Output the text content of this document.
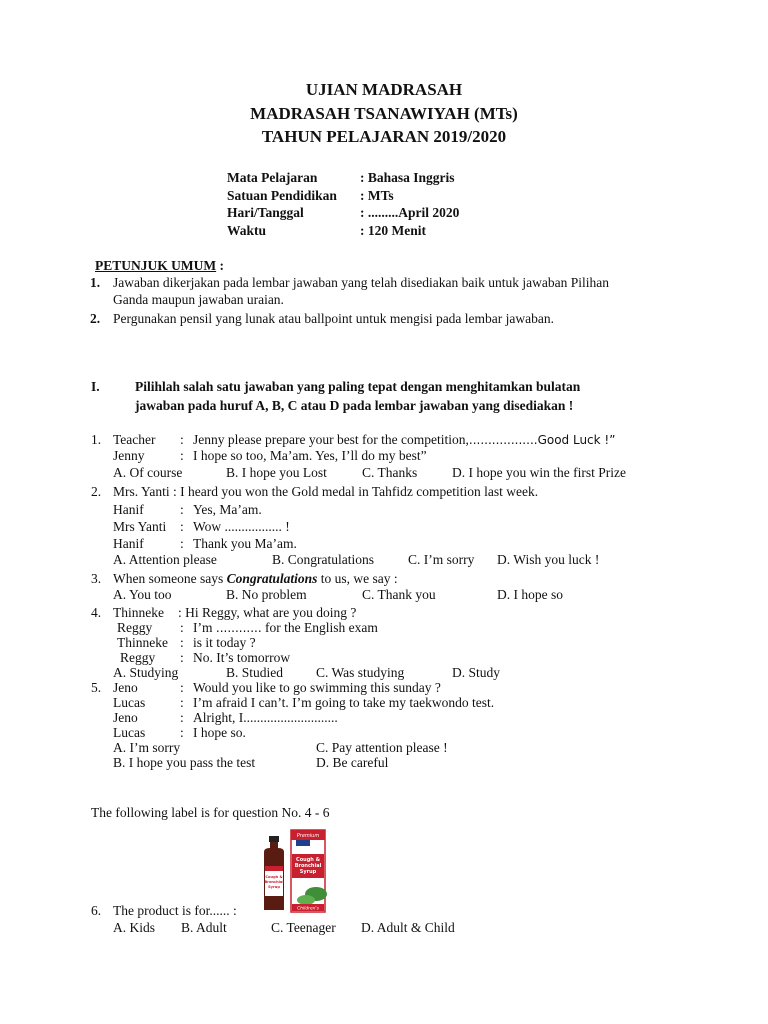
UJIAN MADRASAH
MADRASAH TSANAWIYAH (MTs)
TAHUN PELAJARAN 2019/2020
Mata Pelajaran	: Bahasa Inggris
Satuan Pendidikan : MTs
Hari/Tanggal	: .........April 2020
Waktu	: 120 Menit
PETUNJUK UMUM :
1. Jawaban dikerjakan pada lembar jawaban yang telah disediakan baik untuk jawaban Pilihan
Ganda maupun jawaban uraian.
2. Pergunakan pensil yang lunak atau ballpoint untuk mengisi pada lembar jawaban.
I.	Pilihlah salah satu jawaban yang paling tepat dengan menghitamkan bulatan
jawaban pada huruf A, B, C atau D pada lembar jawaban yang disediakan !
1. Teacher : Jenny please prepare your best for the competition,..................Good Luck !”
Jenny	: I hope so too, Ma’am. Yes, I’ll do my best”
A. Of course	B. I hope you Lost	C. Thanks	D. I hope you win the first Prize
2. Mrs. Yanti : I heard you won the Gold medal in Tahfidz competition last week.
Hanif	: Yes, Ma’am.
Mrs Yanti : Wow ................. !
Hanif	: Thank you Ma’am.
A. Attention please	B. Congratulations	C. I’m sorry D. Wish you luck !
3. When someone says Congratulations to us, we say :
A. You too	B. No problem	C. Thank you	D. I hope so
4. Thinneke : Hi Reggy, what are you doing ?
Reggy : I’m ............ for the English exam
Thinneke : is it today ?
Reggy : No. It’s tomorrow
A. Studying	B. Studied C. Was studying	D. Study
5. Jeno	: Would you like to go swimming this sunday ?
Lucas	: I’m afraid I can’t. I’m going to take my taekwondo test.
Jeno	: Alright, I............................
Lucas	: I hope so.
A. I’m sorry	C. Pay attention please !
B. I hope you pass the test	D. Be careful
The following label is for question No. 4 - 6
Premium
Cough &
Bronchial
Syrup
Cough &
Bronchial
Syrup
Children's
6. The product is for...... :
A. Kids B. Adult	C. Teenager D. Adult & Child
